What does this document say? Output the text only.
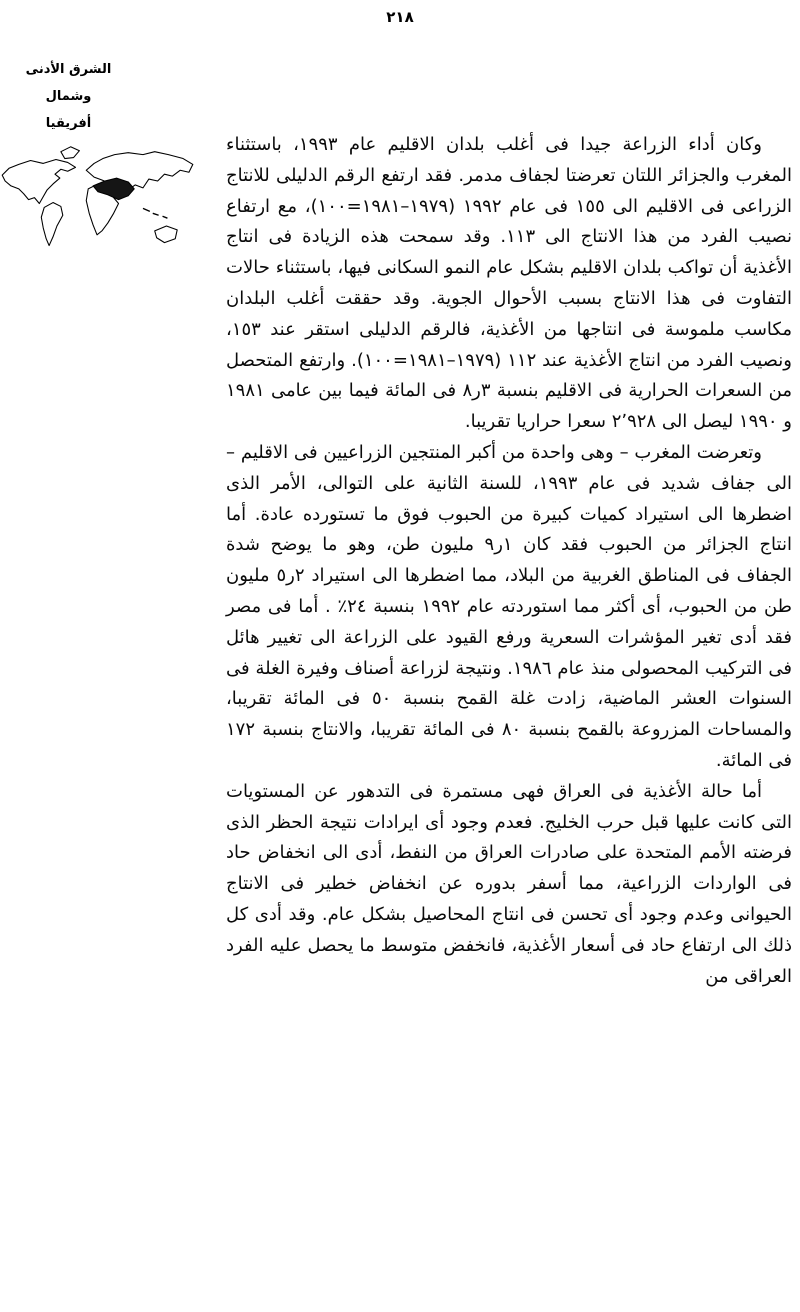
٢١٨
الشرق الأدنى وشمال
أفريقيا

وكان أداء الزراعة جيدا فى أغلب بلدان الاقليم عام ١٩٩٣، باستثناء المغرب والجزائر اللتان تعرضتا لجفاف مدمر. فقد ارتفع الرقم الدليلى للانتاج الزراعى فى الاقليم الى ١٥٥ فى عام ١٩٩٢ (١٩٧٩–١٩٨١=١٠٠)، مع ارتفاع نصيب الفرد من هذا الانتاج الى ١١٣. وقد سمحت هذه الزيادة فى انتاج الأغذية أن تواكب بلدان الاقليم بشكل عام النمو السكانى فيها، باستثناء حالات التفاوت فى هذا الانتاج بسبب الأحوال الجوية. وقد حققت أغلب البلدان مكاسب ملموسة فى انتاجها من الأغذية، فالرقم الدليلى استقر عند ١٥٣، ونصيب الفرد من انتاج الأغذية عند ١١٢ (١٩٧٩–١٩٨١=١٠٠). وارتفع المتحصل من السعرات الحرارية فى الاقليم بنسبة ٣ر٨ فى المائة فيما بين عامى ١٩٨١ و ١٩٩٠ ليصل الى ٢٬٩٢٨ سعرا حراريا تقريبا.

وتعرضت المغرب – وهى واحدة من أكبر المنتجين الزراعيين فى الاقليم – الى جفاف شديد فى عام ١٩٩٣، للسنة الثانية على التوالى، الأمر الذى اضطرها الى استيراد كميات كبيرة من الحبوب فوق ما تستورده عادة. أما انتاج الجزائر من الحبوب فقد كان ١ر٩ مليون طن، وهو ما يوضح شدة الجفاف فى المناطق الغربية من البلاد، مما اضطرها الى استيراد ٢ر٥ مليون طن من الحبوب، أى أكثر مما استوردته عام ١٩٩٢ بنسبة ٢٤٪ . أما فى مصر فقد أدى تغير المؤشرات السعرية ورفع القيود على الزراعة الى تغيير هائل فى التركيب المحصولى منذ عام ١٩٨٦. ونتيجة لزراعة أصناف وفيرة الغلة فى السنوات العشر الماضية، زادت غلة القمح بنسبة ٥٠ فى المائة تقريبا، والمساحات المزروعة بالقمح بنسبة ٨٠ فى المائة تقريبا، والانتاج بنسبة ١٧٢ فى المائة.

أما حالة الأغذية فى العراق فهى مستمرة فى التدهور عن المستويات التى كانت عليها قبل حرب الخليج. فعدم وجود أى ايرادات نتيجة الحظر الذى فرضته الأمم المتحدة على صادرات العراق من النفط، أدى الى انخفاض حاد فى الواردات الزراعية، مما أسفر بدوره عن انخفاض خطير فى الانتاج الحيوانى وعدم وجود أى تحسن فى انتاج المحاصيل بشكل عام. وقد أدى كل ذلك الى ارتفاع حاد فى أسعار الأغذية، فانخفض متوسط ما يحصل عليه الفرد العراقى من
